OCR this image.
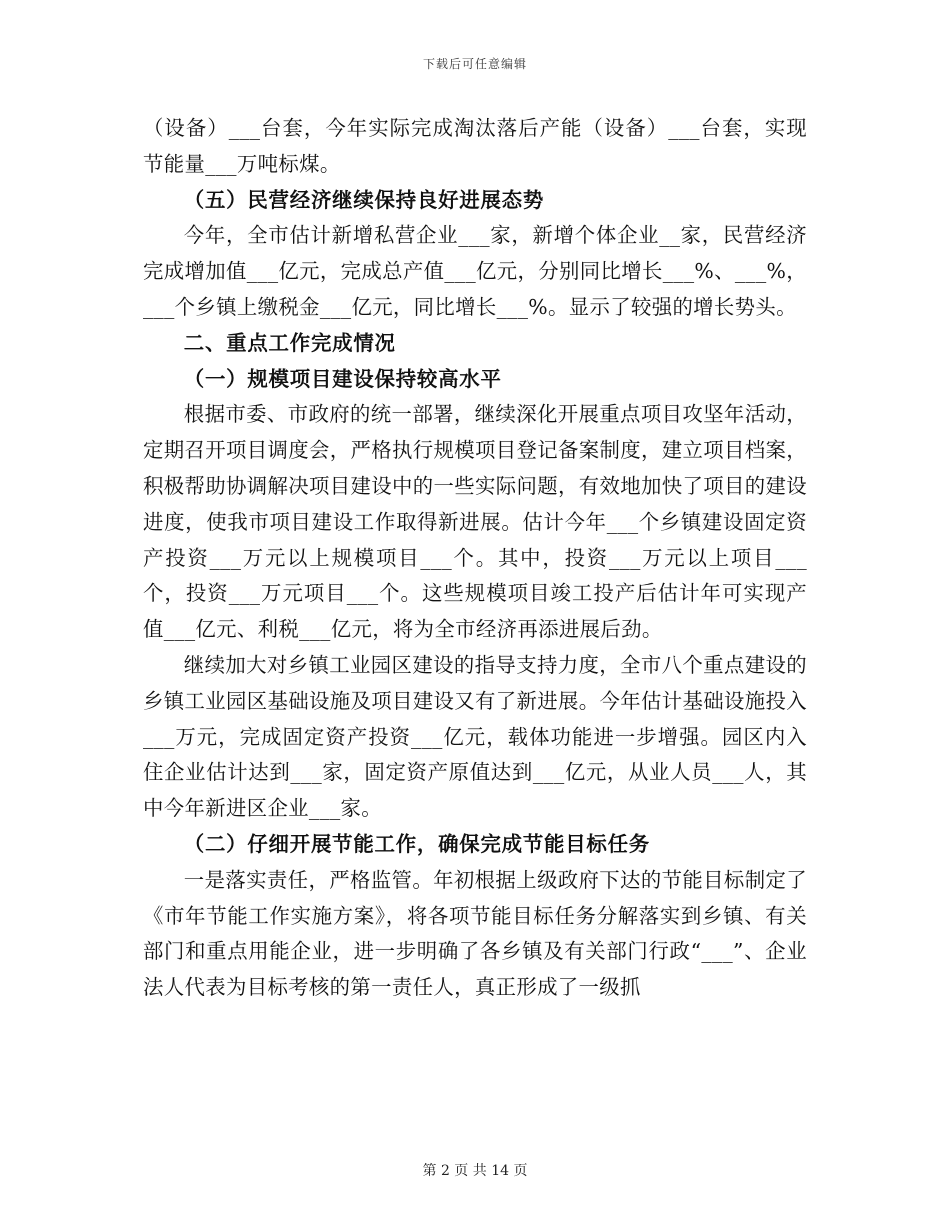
下载后可任意编辑

（设备）___台套，今年实际完成淘汰落后产能（设备）___台套，实现节能量___万吨标煤。

（五）民营经济继续保持良好进展态势

今年，全市估计新增私营企业___家，新增个体企业__家，民营经济完成增加值___亿元，完成总产值___亿元，分别同比增长___%、___%，___个乡镇上缴税金___亿元，同比增长___%。显示了较强的增长势头。

二、重点工作完成情况

（一）规模项目建设保持较高水平

根据市委、市政府的统一部署，继续深化开展重点项目攻坚年活动，定期召开项目调度会，严格执行规模项目登记备案制度，建立项目档案，积极帮助协调解决项目建设中的一些实际问题，有效地加快了项目的建设进度，使我市项目建设工作取得新进展。估计今年___个乡镇建设固定资产投资___万元以上规模项目___个。其中，投资___万元以上项目___个，投资___万元项目___个。这些规模项目竣工投产后估计年可实现产值___亿元、利税___亿元，将为全市经济再添进展后劲。

继续加大对乡镇工业园区建设的指导支持力度，全市八个重点建设的乡镇工业园区基础设施及项目建设又有了新进展。今年估计基础设施投入___万元，完成固定资产投资___亿元，载体功能进一步增强。园区内入住企业估计达到___家，固定资产原值达到___亿元，从业人员___人，其中今年新进区企业___家。

（二）仔细开展节能工作，确保完成节能目标任务

一是落实责任，严格监管。年初根据上级政府下达的节能目标制定了《市年节能工作实施方案》，将各项节能目标任务分解落实到乡镇、有关部门和重点用能企业，进一步明确了各乡镇及有关部门行政“___”、企业法人代表为目标考核的第一责任人，真正形成了一级抓

第 2 页 共 14 页
